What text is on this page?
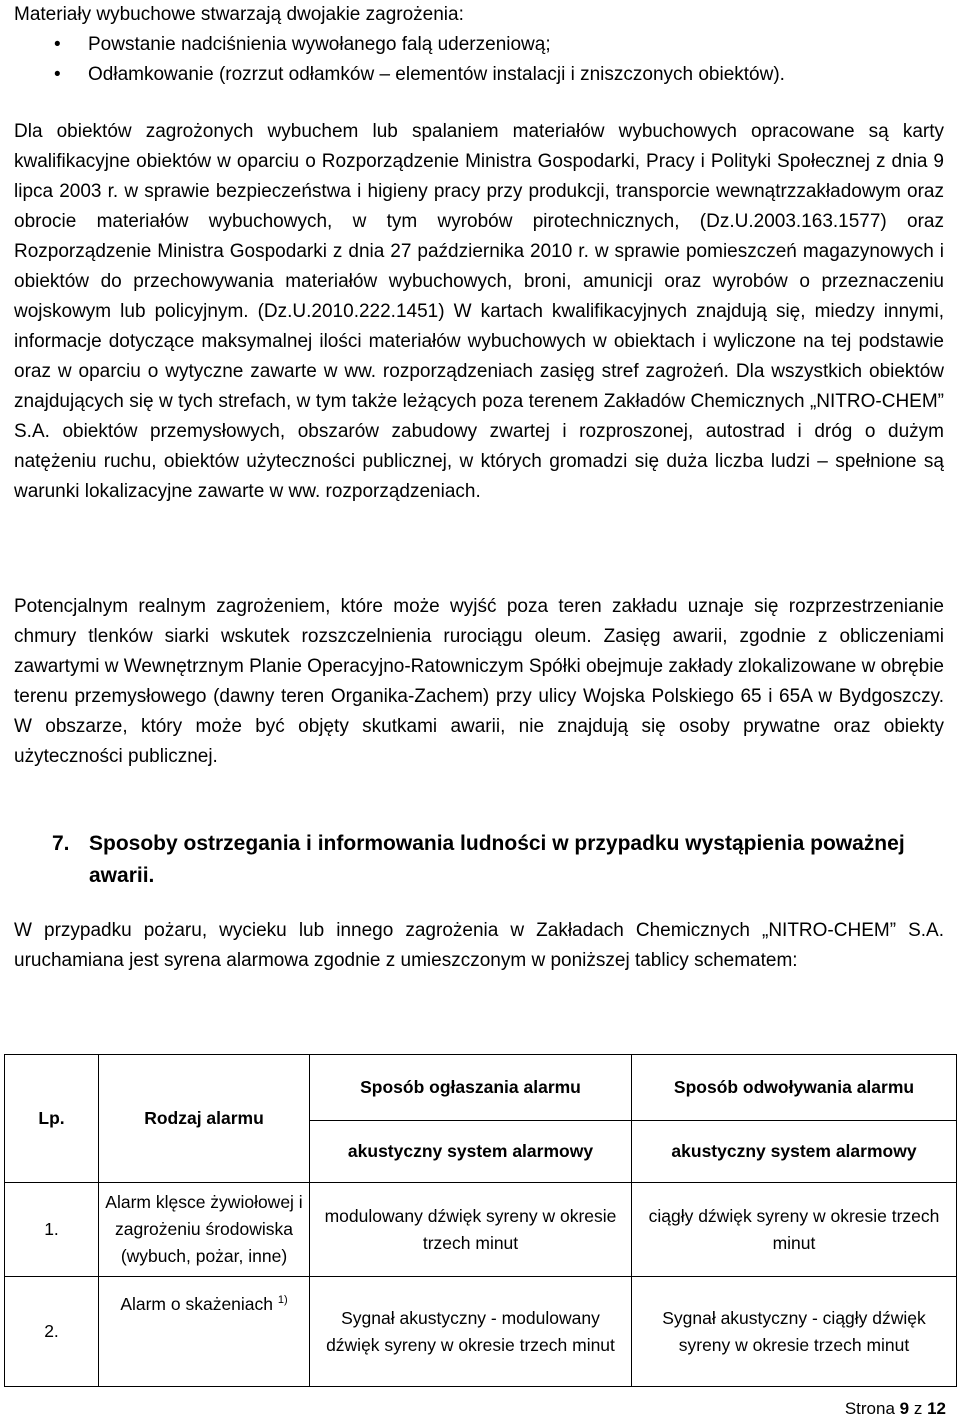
Materiały wybuchowe stwarzają dwojakie zagrożenia:

• Powstanie nadciśnienia wywołanego falą uderzeniową;
• Odłamkowanie (rozrzut odłamków – elementów instalacji i zniszczonych obiektów).

Dla obiektów zagrożonych wybuchem lub spalaniem materiałów wybuchowych opracowane są karty kwalifikacyjne obiektów w oparciu o Rozporządzenie Ministra Gospodarki, Pracy i Polityki Społecznej z dnia 9 lipca 2003 r. w sprawie bezpieczeństwa i higieny pracy przy produkcji, transporcie wewnątrzzakładowym oraz obrocie materiałów wybuchowych, w tym wyrobów pirotechnicznych, (Dz.U.2003.163.1577) oraz Rozporządzenie Ministra Gospodarki z dnia 27 października 2010 r. w sprawie pomieszczeń magazynowych i obiektów do przechowywania materiałów wybuchowych, broni, amunicji oraz wyrobów o przeznaczeniu wojskowym lub policyjnym. (Dz.U.2010.222.1451) W kartach kwalifikacyjnych znajdują się, miedzy innymi, informacje dotyczące maksymalnej ilości materiałów wybuchowych w obiektach i wyliczone na tej podstawie oraz w oparciu o wytyczne zawarte w ww. rozporządzeniach zasięg stref zagrożeń. Dla wszystkich obiektów znajdujących się w tych strefach, w tym także leżących poza terenem Zakładów Chemicznych „NITRO-CHEM” S.A. obiektów przemysłowych, obszarów zabudowy zwartej i rozproszonej, autostrad i dróg o dużym natężeniu ruchu, obiektów użyteczności publicznej, w których gromadzi się duża liczba ludzi – spełnione są warunki lokalizacyjne zawarte w ww. rozporządzeniach.

Potencjalnym realnym zagrożeniem, które może wyjść poza teren zakładu uznaje się rozprzestrzenianie chmury tlenków siarki wskutek rozszczelnienia rurociągu oleum. Zasięg awarii, zgodnie z obliczeniami zawartymi w Wewnętrznym Planie Operacyjno-Ratowniczym Spółki obejmuje zakłady zlokalizowane w obrębie terenu przemysłowego (dawny teren Organika-Zachem) przy ulicy Wojska Polskiego 65 i 65A w Bydgoszczy. W obszarze, który może być objęty skutkami awarii, nie znajdują się osoby prywatne oraz obiekty użyteczności publicznej.

7. Sposoby ostrzegania i informowania ludności w przypadku wystąpienia poważnej awarii.

W przypadku pożaru, wycieku lub innego zagrożenia w Zakładach Chemicznych „NITRO-CHEM” S.A. uruchamiana jest syrena alarmowa zgodnie z umieszczonym w poniższej tablicy schematem:

Lp.	Rodzaj alarmu	Sposób ogłaszania alarmu	Sposób odwoływania alarmu
		akustyczny system alarmowy	akustyczny system alarmowy
1.	Alarm klęsce żywiołowej i zagrożeniu środowiska (wybuch, pożar, inne)	modulowany dźwięk syreny w okresie trzech minut	ciągły dźwięk syreny w okresie trzech minut
2.	Alarm o skażeniach $^{1)}$	Sygnał akustyczny - modulowany dźwięk syreny w okresie trzech minut	Sygnał akustyczny - ciągły dźwięk syreny w okresie trzech minut
Strona 9 z 12
